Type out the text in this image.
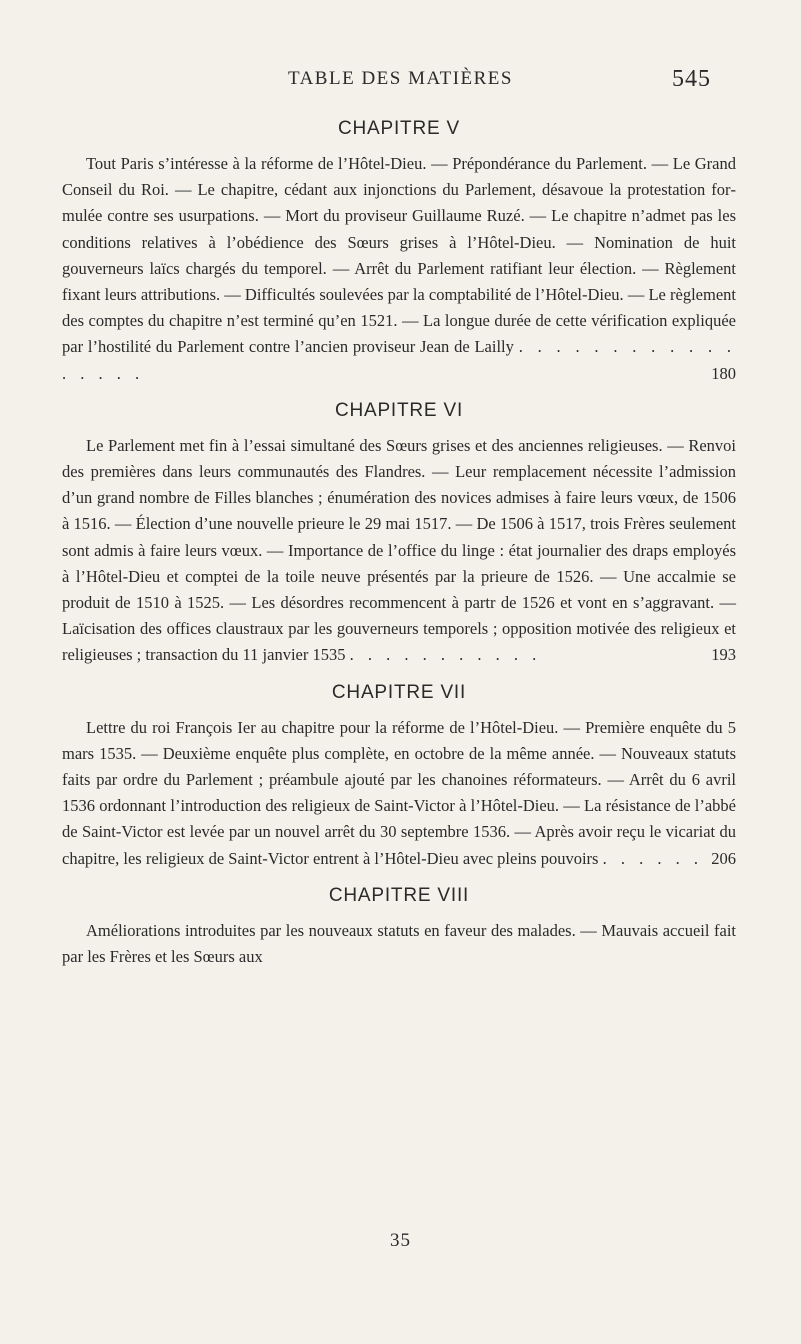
TABLE DES MATIÈRES	545
CHAPITRE V

Tout Paris s’intéresse à la réforme de l’Hôtel-Dieu. — Prépondérance du Parlement. — Le Grand Conseil du Roi. — Le chapitre, cédant aux injonctions du Parlement, désavoue la protestation formulée contre ses usurpations. — Mort du proviseur Guillaume Ruzé. — Le chapitre n’admet pas les conditions relatives à l’obédience des Sœurs grises à l’Hôtel-Dieu. — Nomination de huit gouverneurs laïcs chargés du temporel. — Arrêt du Parlement ratifiant leur élection. — Règlement fixant leurs attributions. — Difficultés soulevées par la comptabilité de l’Hôtel-Dieu. — Le règlement des comptes du chapitre n’est terminé qu’en 1521. — La longue durée de cette vérification expliquée par l’hostilité du Parlement contre l’ancien proviseur Jean de Lailly . . . . . . . . . . . . . . . . .	180

CHAPITRE VI

Le Parlement met fin à l’essai simultané des Sœurs grises et des anciennes religieuses. — Renvoi des premières dans leurs communautés des Flandres. — Leur remplacement nécessite l’admission d’un grand nombre de Filles blanches ; énumération des novices admises à faire leurs vœux, de 1506 à 1516. — Élection d’une nouvelle prieure le 29 mai 1517. — De 1506 à 1517, trois Frères seulement sont admis à faire leurs vœux. — Importance de l’office du linge : état journalier des draps employés à l’Hôtel-Dieu et comptei de la toile neuve présentés par la prieure de 1526. — Une accalmie se produit de 1510 à 1525. — Les désordres recommencent à partr de 1526 et vont en s’aggravant. — Laïcisation des offices claustraux par les gouverneurs temporels ; opposition motivée des religieux et religieuses ; transaction du 11 janvier 1535 . . . . . . . . . . .	193

CHAPITRE VII

Lettre du roi François Ier au chapitre pour la réforme de l’Hôtel-Dieu. — Première enquête du 5 mars 1535. — Deuxième enquête plus complète, en octobre de la même année. — Nouveaux statuts faits par ordre du Parlement ; préambule ajouté par les chanoines réformateurs. — Arrêt du 6 avril 1536 ordonnant l’introduction des religieux de Saint-Victor à l’Hôtel-Dieu. — La résistance de l’abbé de Saint-Victor est levée par un nouvel arrêt du 30 septembre 1536. — Après avoir reçu le vicariat du chapitre, les religieux de Saint-Victor entrent à l’Hôtel-Dieu avec pleins pouvoirs . . . . . . 206

CHAPITRE VIII

Améliorations introduites par les nouveaux statuts en faveur des malades. — Mauvais accueil fait par les Frères et les Sœurs aux

35
